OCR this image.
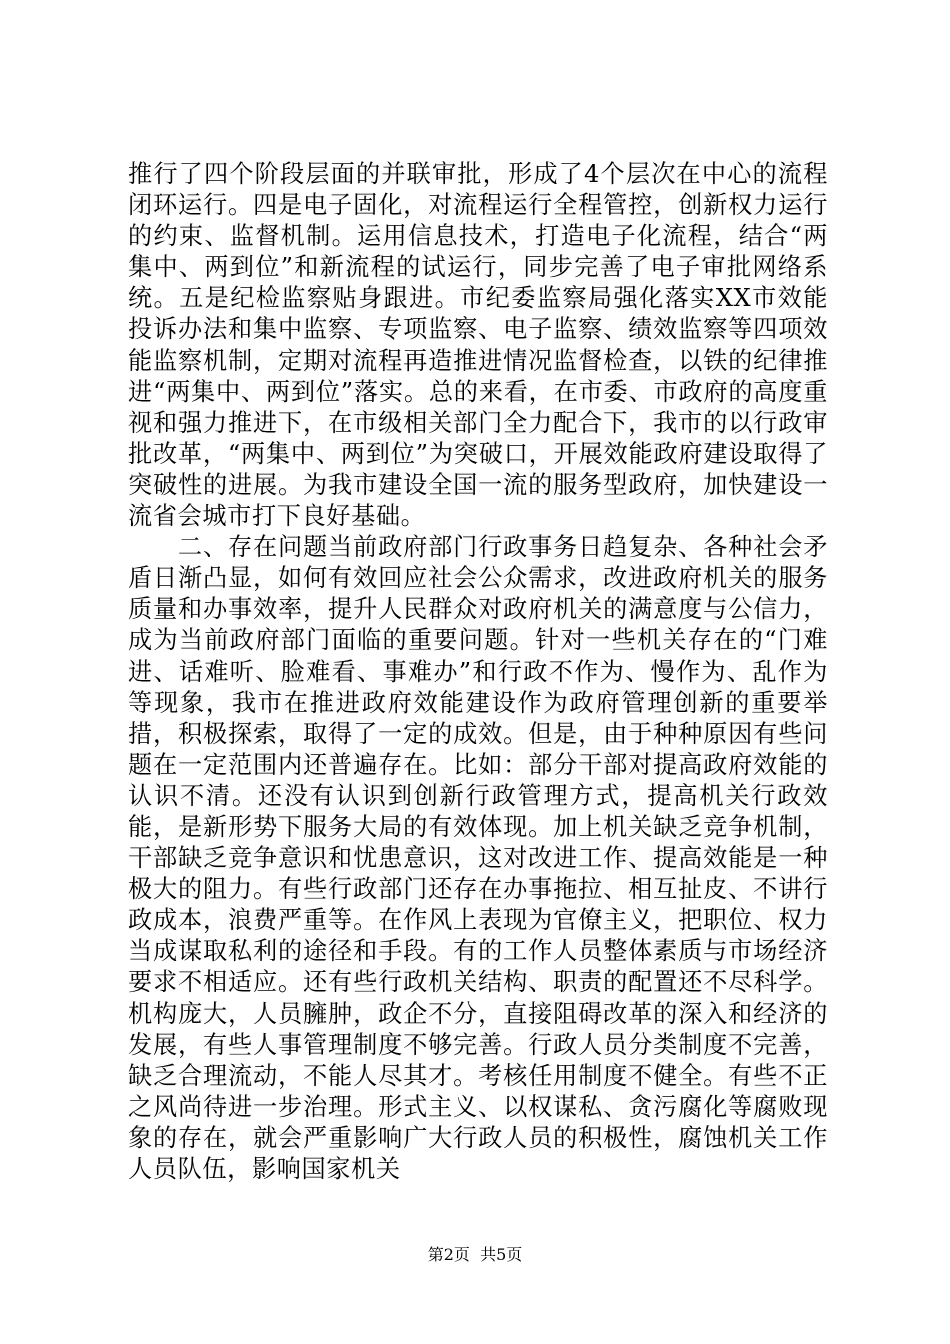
推行了四个阶段层面的并联审批，形成了4个层次在中心的流程闭环运行。四是电子固化，对流程运行全程管控，创新权力运行的约束、监督机制。运用信息技术，打造电子化流程，结合“两集中、两到位”和新流程的试运行，同步完善了电子审批网络系统。五是纪检监察贴身跟进。市纪委监察局强化落实XX市效能投诉办法和集中监察、专项监察、电子监察、绩效监察等四项效能监察机制，定期对流程再造推进情况监督检查，以铁的纪律推进“两集中、两到位”落实。总的来看，在市委、市政府的高度重视和强力推进下，在市级相关部门全力配合下，我市的以行政审批改革，“两集中、两到位”为突破口，开展效能政府建设取得了突破性的进展。为我市建设全国一流的服务型政府，加快建设一流省会城市打下良好基础。

二、存在问题当前政府部门行政事务日趋复杂、各种社会矛盾日渐凸显，如何有效回应社会公众需求，改进政府机关的服务质量和办事效率，提升人民群众对政府机关的满意度与公信力，成为当前政府部门面临的重要问题。针对一些机关存在的“门难进、话难听、脸难看、事难办”和行政不作为、慢作为、乱作为等现象，我市在推进政府效能建设作为政府管理创新的重要举措，积极探索，取得了一定的成效。但是，由于种种原因有些问题在一定范围内还普遍存在。比如：部分干部对提高政府效能的认识不清。还没有认识到创新行政管理方式，提高机关行政效能，是新形势下服务大局的有效体现。加上机关缺乏竞争机制，干部缺乏竞争意识和忧患意识，这对改进工作、提高效能是一种极大的阻力。有些行政部门还存在办事拖拉、相互扯皮、不讲行政成本，浪费严重等。在作风上表现为官僚主义，把职位、权力当成谋取私利的途径和手段。有的工作人员整体素质与市场经济要求不相适应。还有些行政机关结构、职责的配置还不尽科学。机构庞大，人员臃肿，政企不分，直接阻碍改革的深入和经济的发展，有些人事管理制度不够完善。行政人员分类制度不完善，缺乏合理流动，不能人尽其才。考核任用制度不健全。有些不正之风尚待进一步治理。形式主义、以权谋私、贪污腐化等腐败现象的存在，就会严重影响广大行政人员的积极性，腐蚀机关工作人员队伍，影响国家机关

第2页 共5页
